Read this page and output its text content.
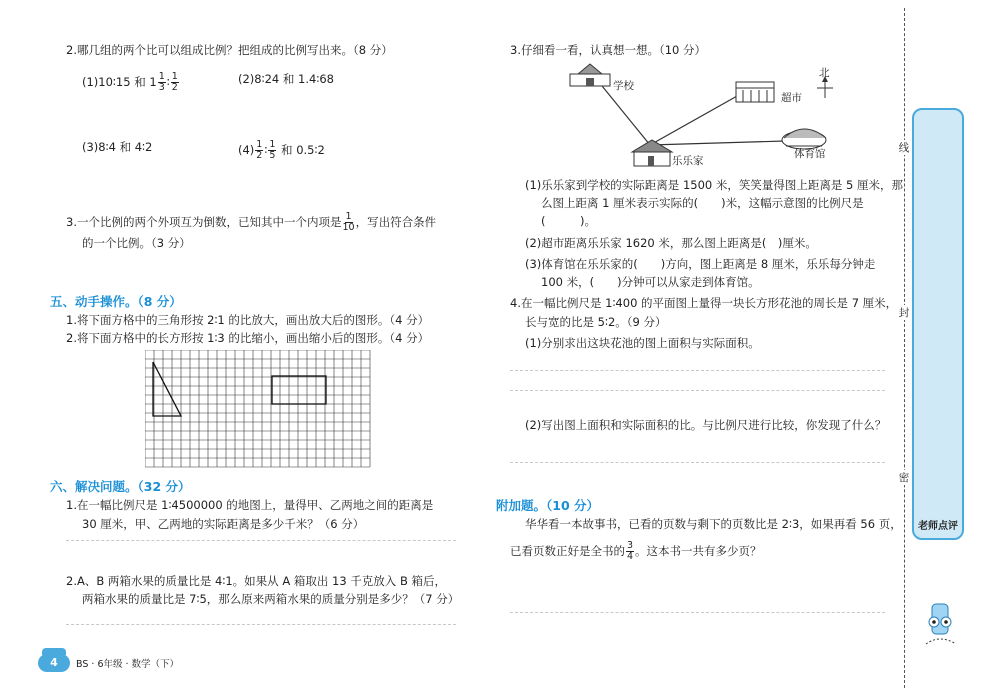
2.哪几组的两个比可以组成比例？把组成的比例写出来。（8 分）
(1)10∶15 和 $1 \frac{1}{3}$ ∶ $\frac{1}{2}$	(2)8∶24 和 1.4∶68
(3)8∶4 和 4∶2	$(4) \frac{1}{2}$ ∶ $\frac{1}{5}$ 和 0.5∶2
3.一个比例的两个外项互为倒数，已知其中一个内项是 $\frac{1}{10}$ ，写出符合条件
的一个比例。（3 分）
五、动手操作。（8 分）
1.将下面方格中的三角形按 2∶1 的比放大，画出放大后的图形。（4 分）
2.将下面方格中的长方形按 1∶3 的比缩小，画出缩小后的图形。（4 分）
六、解决问题。（32 分）
1.在一幅比例尺是 1∶4500000 的地图上，量得甲、乙两地之间的距离是
30 厘米，甲、乙两地的实际距离是多少千米？（6 分）
2.A、B 两箱水果的质量比是 4∶1。如果从 A 箱取出 13 千克放入 B 箱后，
两箱水果的质量比是 7∶5，那么原来两箱水果的质量分别是多少？（7 分）
4	BS · 6年级 · 数学（下）
3.仔细看一看，认真想一想。（10 分）
学校
超市
乐乐家
体育馆
北
(1)乐乐家到学校的实际距离是 1500 米，笑笑量得图上距离是 5 厘米，那
么图上距离 1 厘米表示实际的(　　)米，这幅示意图的比例尺是
(　　　)。
(2)超市距离乐乐家 1620 米，那么图上距离是(　)厘米。
(3)体育馆在乐乐家的(　　)方向，图上距离是 8 厘米，乐乐每分钟走
100 米，(　　)分钟可以从家走到体育馆。
4.在一幅比例尺是 1∶400 的平面图上量得一块长方形花池的周长是 7 厘米，
长与宽的比是 5∶2。（9 分）
(1)分别求出这块花池的图上面积与实际面积。
(2)写出图上面积和实际面积的比。与比例尺进行比较，你发现了什么？
附加题。（10 分）
华华看一本故事书，已看的页数与剩下的页数比是 2∶3，如果再看 56 页，
已看页数正好是全书的 $\frac{3}{4}$ 。这本书一共有多少页？
线
封
密
老师点评
